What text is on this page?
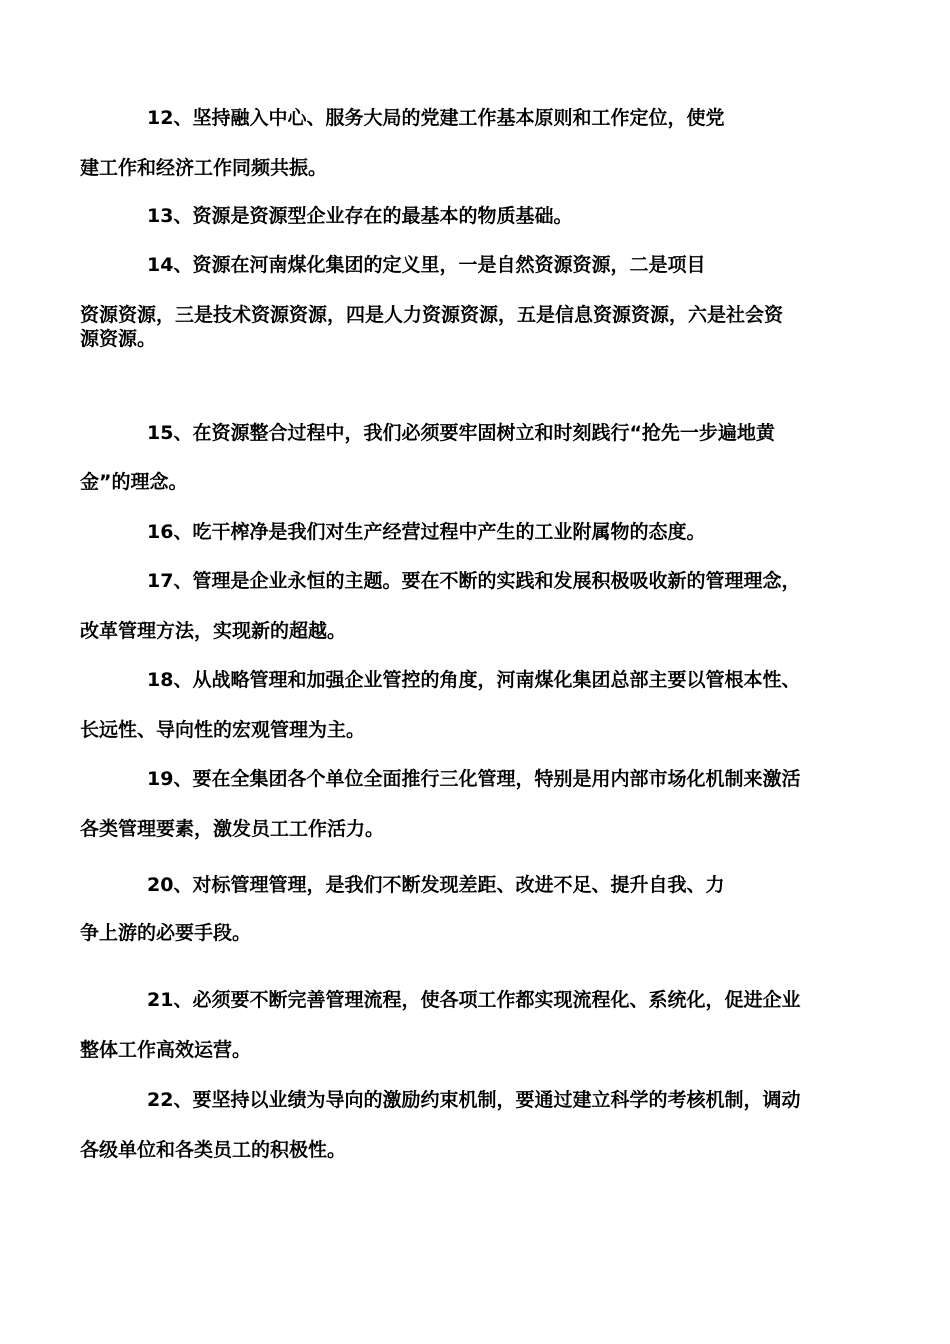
12、坚持融入中心、服务大局的党建工作基本原则和工作定位，使党
建工作和经济工作同频共振。
13、资源是资源型企业存在的最基本的物质基础。
14、资源在河南煤化集团的定义里，一是自然资源资源，二是项目
资源资源，三是技术资源资源，四是人力资源资源，五是信息资源资源，六是社会资
源资源。
15、在资源整合过程中，我们必须要牢固树立和时刻践行“抢先一步遍地黄
金”的理念。
16、吃干榨净是我们对生产经营过程中产生的工业附属物的态度。
17、管理是企业永恒的主题。要在不断的实践和发展积极吸收新的管理理念，
改革管理方法，实现新的超越。
18、从战略管理和加强企业管控的角度，河南煤化集团总部主要以管根本性、
长远性、导向性的宏观管理为主。
19、要在全集团各个单位全面推行三化管理，特别是用内部市场化机制来激活
各类管理要素，激发员工工作活力。
20、对标管理管理，是我们不断发现差距、改进不足、提升自我、力
争上游的必要手段。
21、必须要不断完善管理流程，使各项工作都实现流程化、系统化，促进企业
整体工作高效运营。
22、要坚持以业绩为导向的激励约束机制，要通过建立科学的考核机制，调动
各级单位和各类员工的积极性。
